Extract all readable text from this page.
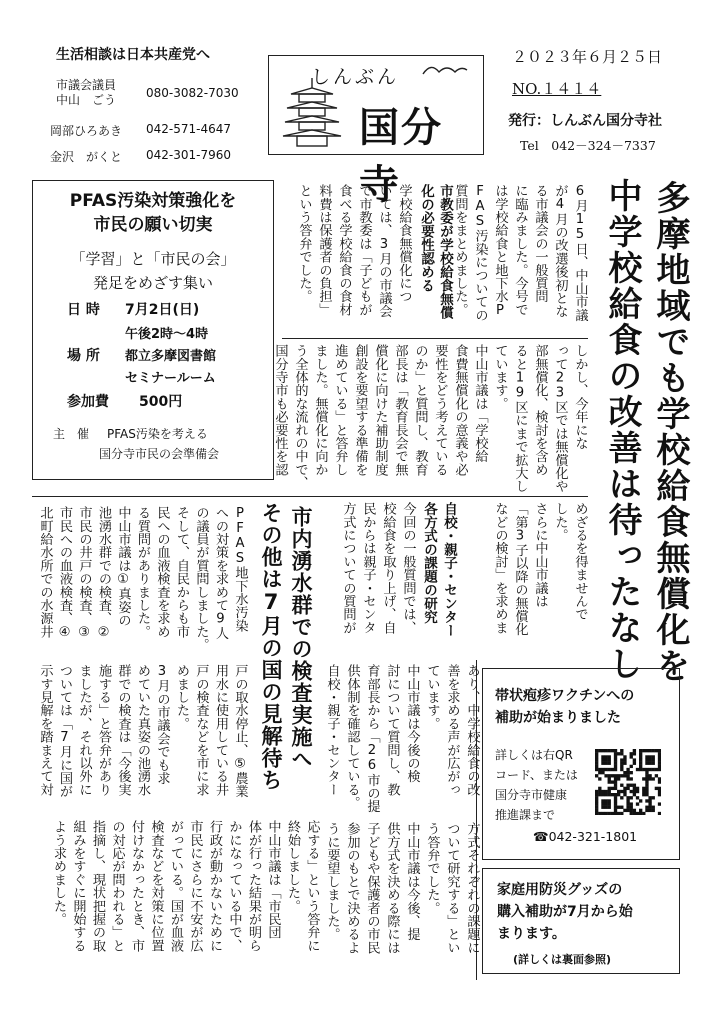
生活相談は日本共産党へ
市議会議員
中山　ごう 080-3082-7030
岡部ひろあき 042-571-4647
金沢　がくと 042-301-7960
しんぶん
国分寺
２０２３年６月２５日
NO.１４１４
発行：しんぶん国分寺社
Tel　042－324－7337
PFAS汚染対策強化を
市民の願い切実
「学習」と「市民の会」
発足をめざす集い
日 時 7月2日(日)
午後2時～4時
場 所 都立多摩図書館
セミナールーム
参加費 500円
主　催 PFAS汚染を考える
国分寺市民の会準備会	多摩地域でも学校給食無償化を
中学校給食の改善は待ったなし
市教委が学校給食無償化の必要性認める
自校・親子・センター
各方式の課題の研究
帯状疱疹ワクチンへの
補助が始まりました
詳しくは右QR
コード、または
国分寺市健康
推進課まで
☎042-321-1801
家庭用防災グッズの
購入補助が7月から始
まります。
(詳しくは裏面参照)
市内湧水群での検査実施へ
その他は7月の国の見解待ち
6月15日、中山市議
が4月の改選後初とな
る市議会の一般質問
に臨みました。今号で
は学校給食と地下水P
FAS汚染についての
質問をまとめました。
学校給食無償化につ
いては、3月の市議会
で市教委は「子どもが
食べる学校給食の食材
料費は保護者の負担」
という答弁でした。
しかし、今年にな
って23区では無償化や
部無償化、検討を含め
ると19区にまで拡大し
ています。
中山市議は「学校給
食費無償化の意義や必
要性をどう考えている
のか」と質問し、教育
部長は「教育長会で無
償化に向けた補助制度
創設を要望する準備を
進めている」と答弁し
ました。無償化に向か
う全体的な流れの中で、
国分寺市も必要性を認
めざるを得ませんで
した。
さらに中山市議は
「第3子以降の無償化
などの検討」を求めま
今回の一般質問では、
校給食を取り上げ、自
民からは親子・センタ
方式についての質問が
あり、中学校給食の改
善を求める声が広がっ
ています。
中山市議は今後の検
討について質問し、教
育部長から「26市の提
供体制を確認している。
自校・親子・センター
方式それぞれの課題に
ついて研究する」とい
う答弁でした。
中山市議は今後、提
供方式を決める際には
子どもや保護者の市民
参加のもとで決めるよ
うに要望しました。
PFAS地下水汚染
への対策を求めて9人
の議員が質問しました。
そして、自民からも市
民への血液検査を求め
る質問がありました。
中山市議は①真姿の
池湧水群での検査、②
市民の井戸の検査、③
市民への血液検査、④
北町給水所での水源井
戸の取水停止、⑤農業
用水に使用している井
戸の検査などを市に求
めました。
3月の市議会でも求
めていた真姿の池湧水
群での検査は「今後実
施する」と答弁があり
ましたが、それ以外に
ついては「7月に国が
示す見解を踏まえて対
応する」という答弁に
終始しました。
中山市議は「市民団
体が行った結果が明ら
かになっている中で、
行政が動かないために
市民にさらに不安が広
がっている。国が血液
検査などを対策に位置
付けなかったとき、市
の対応が問われる」と
指摘し、現状把握の取
組みをすぐに開始する
よう求めました。
